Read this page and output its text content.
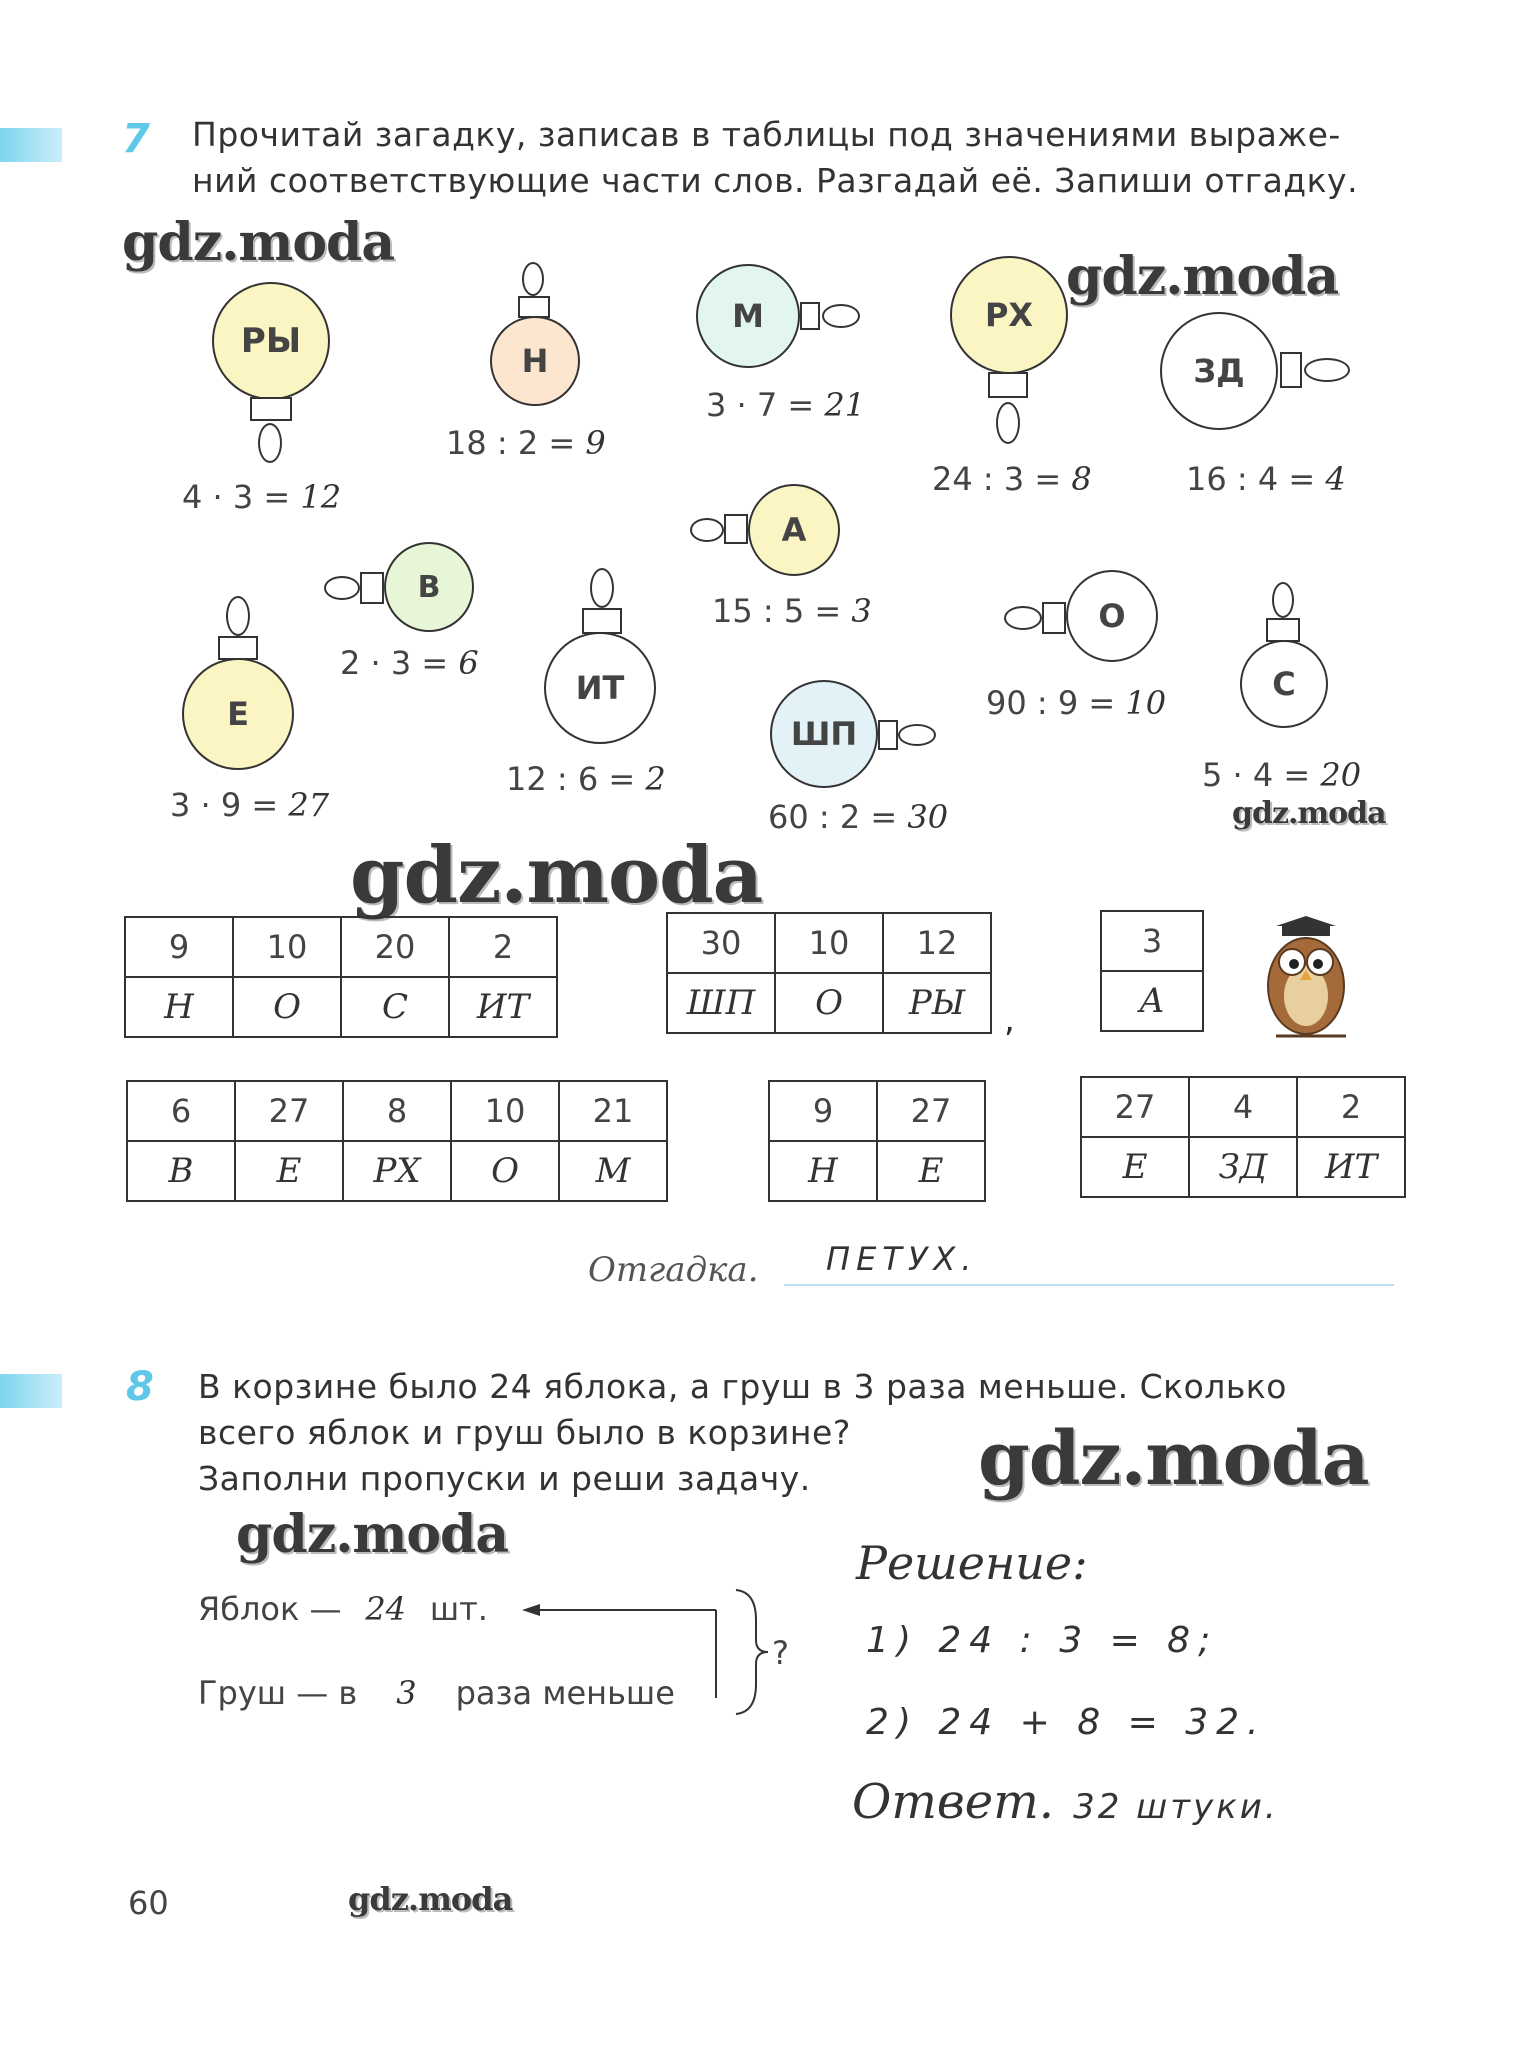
7 Прочитай загадку, записав в таблицы под значениями выраже-
ний соответствующие части слов. Разгадай её. Запиши отгадку.
gdz.moda
gdz.moda
gdz.moda
gdz.moda
gdz.moda
gdz.moda
gdz.moda
РЫ
4 · 3 = 12
Н
18 : 2 = 9
М
3 · 7 = 21
РХ
24 : 3 = 8
ЗД
16 : 4 = 4
А
15 : 5 = 3
В
2 · 3 = 6
Е
3 · 9 = 27
ИТ
12 : 6 = 2
ШП
60 : 2 = 30
О
90 : 9 = 10	С
5 · 4 = 20
9	10	20	2
Н	О	С	ИТ
30	10	12
ШП	О	РЫ ,
3
А
6	27	8	10	21
В	Е	РХ	О	М
9	27
Н	Е
27	4	2
Е	ЗД	ИТ
Отгадка. ПЕТУХ.
8 В корзине было 24 яблока, а груш в 3 раза меньше. Сколько
всего яблок и груш было в корзине?
Заполни пропуски и реши задачу.
Яблок — 24 шт.
Груш — в 3 раза меньше
?
Решение:
1) 24 : 3 = 8;
2) 24 + 8 = 32.
Ответ. 32 штуки.
60
